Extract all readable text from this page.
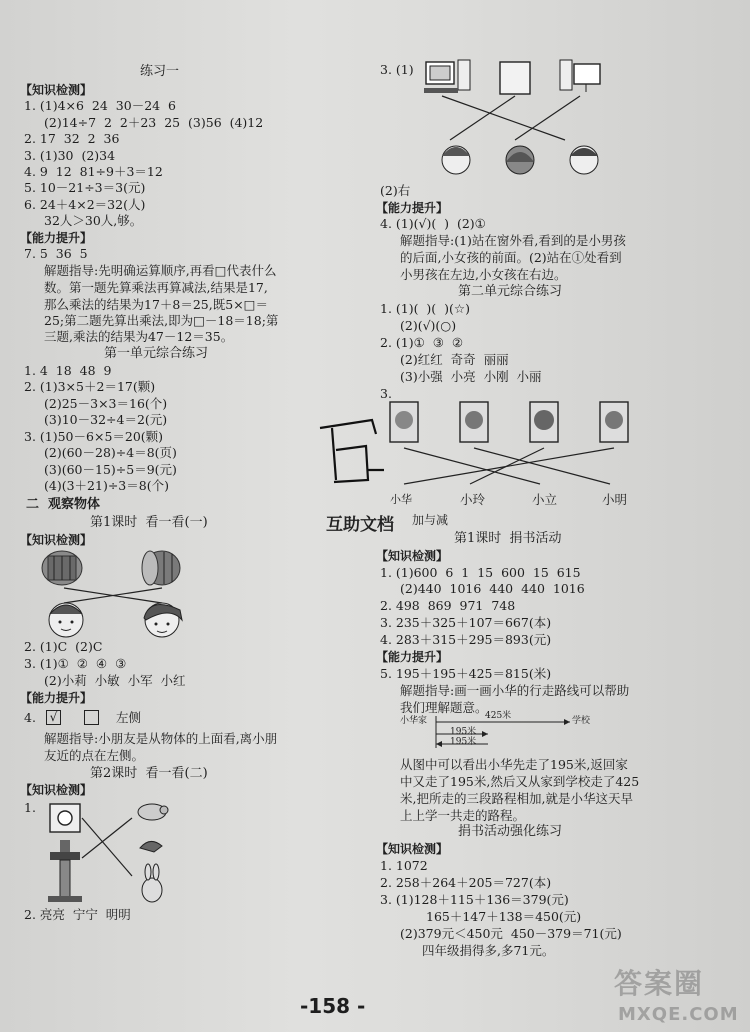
练习一
【知识检测】
1. (1)4×6  24  30－24  6
(2)14÷7  2  2＋23  25  (3)56  (4)12
2. 17  32  2  36
3. (1)30  (2)34
4. 9  12  81÷9＋3＝12
5. 10－21÷3＝3(元)
6. 24＋4×2＝32(人)
32人＞30人,够。
【能力提升】
7. 5  36  5
解题指导:先明确运算顺序,再看□代表什么
数。第一题先算乘法再算减法,结果是17,
那么乘法的结果为17＋8＝25,既5×□＝
25;第二题先算出乘法,即为□－18＝18;第
三题,乘法的结果为47－12＝35。
第一单元综合练习
1. 4  18  48  9
2. (1)3×5＋2＝17(颗)
(2)25－3×3＝16(个)
(3)10－32÷4＝2(元)
3. (1)50－6×5＝20(颗)
(2)(60－28)÷4＝8(页)
(3)(60－15)÷5＝9(元)
(4)(3＋21)÷3＝8(个)
二  观察物体
第1课时  看一看(一)
【知识检测】
2. (1)C  (2)C
3. (1)①  ②  ④  ③
(2)小莉  小敏  小军  小红
【能力提升】
4.	√	左侧
解题指导:小朋友是从物体的上面看,离小朋
友近的点在左侧。
第2课时  看一看(二)
【知识检测】
1.
2. 亮亮  宁宁  明明
3. (1)
(2)右
【能力提升】
4. (1)(√)(  )  (2)①
解题指导:(1)站在窗外看,看到的是小男孩
的后面,小女孩的前面。(2)站在①处看到
小男孩在左边,小女孩在右边。
第二单元综合练习
1. (1)(  )(  )(☆)
(2)(√)(○)
2. (1)①  ③  ②
(2)红红  奇奇  丽丽
(3)小强  小亮  小刚  小丽
3.
互助文档
小华
加与减
小玲	小立	小明
第1课时  捐书活动
【知识检测】
1. (1)600  6  1  15  600  15  615
(2)440  1016  440  440  1016
2. 498  869  971  748
3. 235＋325＋107＝667(本)
4. 283＋315＋295＝893(元)
【能力提升】
5. 195＋195＋425＝815(米)
解题指导:画一画小华的行走路线可以帮助
我们理解题意。
小华家	学校
425米
195米
195米
从图中可以看出小华先走了195米,返回家
中又走了195米,然后又从家到学校走了425
米,把所走的三段路程相加,就是小华这天早
上上学一共走的路程。
捐书活动强化练习
【知识检测】
1. 1072
2. 258＋264＋205＝727(本)
3. (1)128＋115＋136＝379(元)
165＋147＋138＝450(元)
(2)379元＜450元  450－379＝71(元)
四年级捐得多,多71元。
-158 -
答案圈
MXQE.COM
